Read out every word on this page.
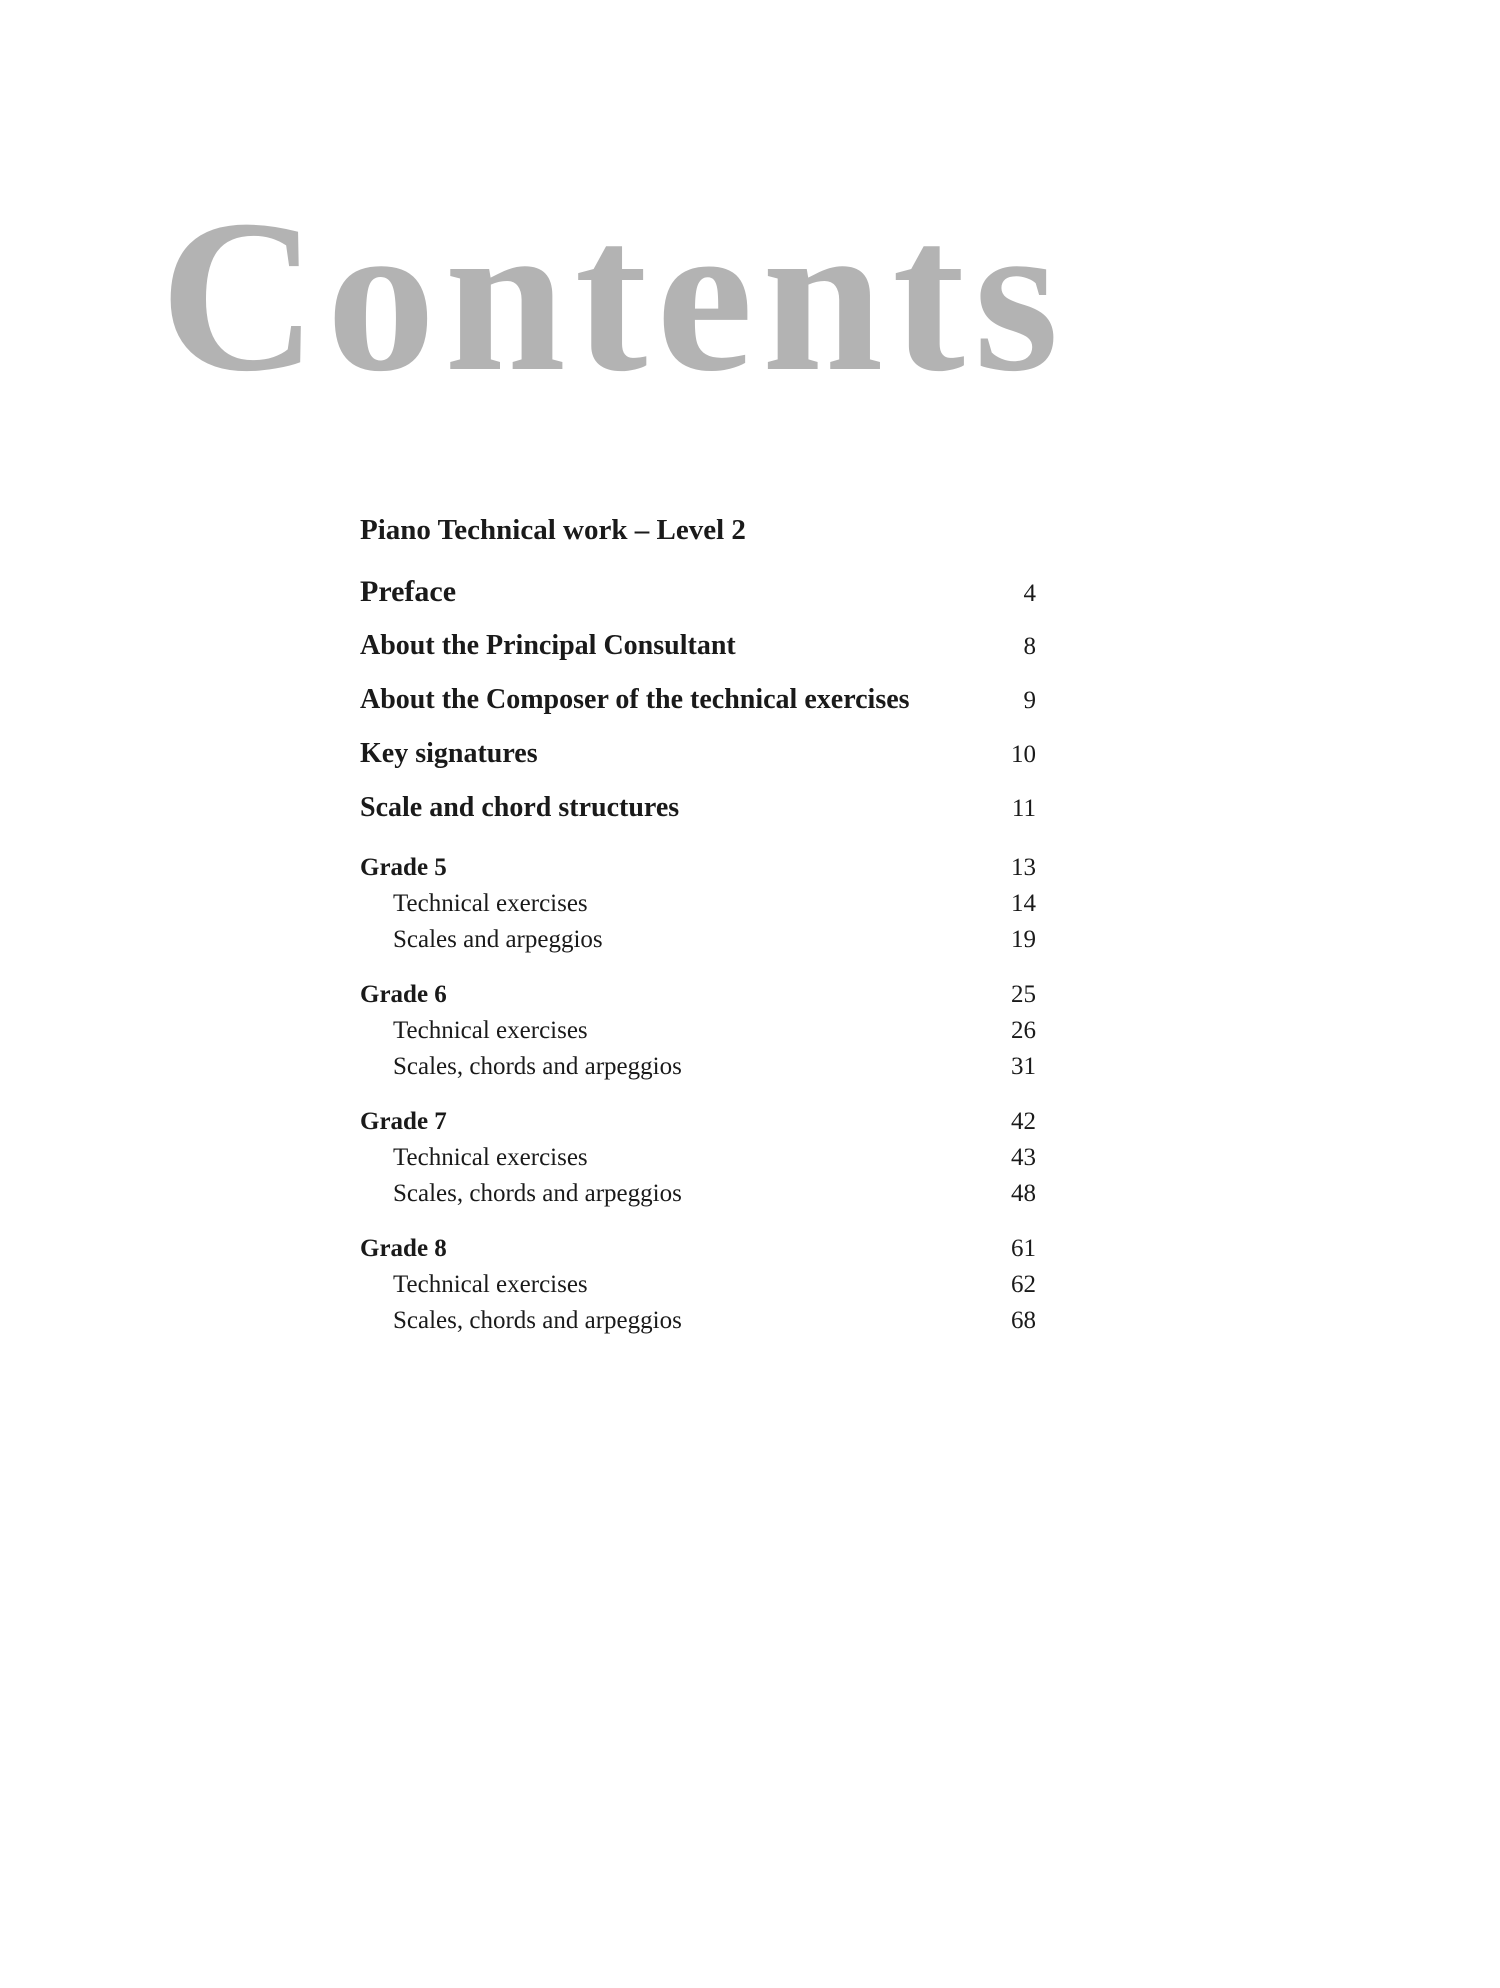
Contents
Piano Technical work – Level 2
Preface	4
About the Principal Consultant	8
About the Composer of the technical exercises	9
Key signatures	10
Scale and chord structures	11
Grade 5	13
Technical exercises	14
Scales and arpeggios	19
Grade 6	25
Technical exercises	26
Scales, chords and arpeggios	31
Grade 7	42
Technical exercises	43
Scales, chords and arpeggios	48
Grade 8	61
Technical exercises	62
Scales, chords and arpeggios	68
